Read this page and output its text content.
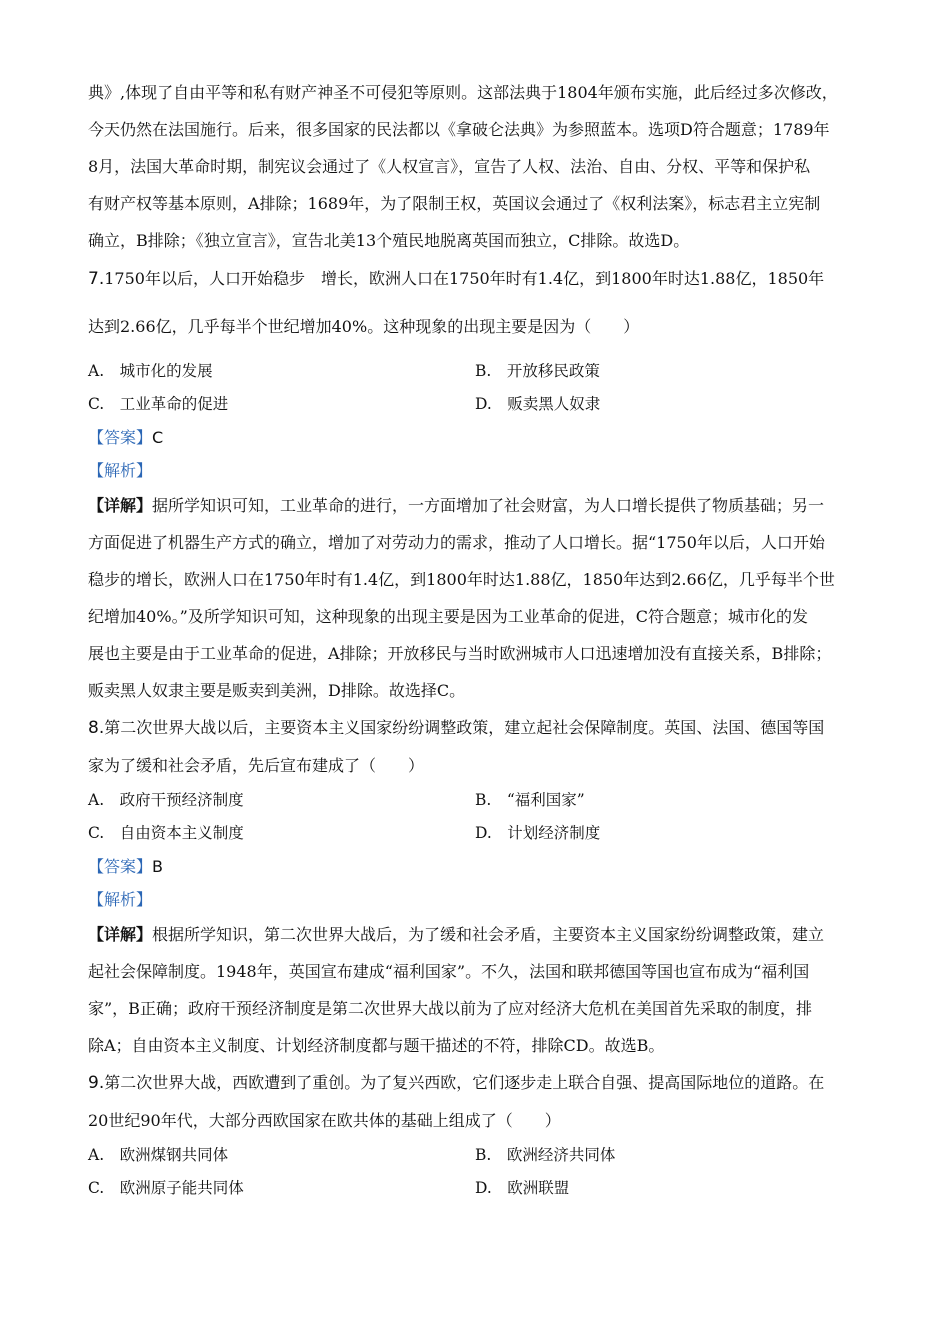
典》,体现了自由平等和私有财产神圣不可侵犯等原则。这部法典于1804年颁布实施，此后经过多次修改，

今天仍然在法国施行。后来，很多国家的民法都以《拿破仑法典》为参照蓝本。选项D符合题意；1789年

8月，法国大革命时期，制宪议会通过了《人权宣言》，宣告了人权、法治、自由、分权、平等和保护私

有财产权等基本原则，A排除；1689年，为了限制王权，英国议会通过了《权利法案》，标志君主立宪制

确立，B排除；《独立宣言》，宣告北美13个殖民地脱离英国而独立，C排除。故选D。

7.1750年以后，人口开始稳步　增长，欧洲人口在1750年时有1.4亿，到1800年时达1.88亿，1850年

达到2.66亿，几乎每半个世纪增加40%。这种现象的出现主要是因为（　　）

A.　城市化的发展	B.　开放移民政策
C.　工业革命的促进	D.　贩卖黑人奴隶

【答案】C

【解析】

【详解】据所学知识可知，工业革命的进行，一方面增加了社会财富，为人口增长提供了物质基础；另一

方面促进了机器生产方式的确立，增加了对劳动力的需求，推动了人口增长。据“1750年以后，人口开始

稳步的增长，欧洲人口在1750年时有1.4亿，到1800年时达1.88亿，1850年达到2.66亿，几乎每半个世

纪增加40%。”及所学知识可知，这种现象的出现主要是因为工业革命的促进，C符合题意；城市化的发

展也主要是由于工业革命的促进，A排除；开放移民与当时欧洲城市人口迅速增加没有直接关系，B排除；

贩卖黑人奴隶主要是贩卖到美洲，D排除。故选择C。

8.第二次世界大战以后，主要资本主义国家纷纷调整政策，建立起社会保障制度。英国、法国、德国等国

家为了缓和社会矛盾，先后宣布建成了（　　）

A.　政府干预经济制度	B.　“福利国家”
C.　自由资本主义制度	D.　计划经济制度

【答案】B

【解析】

【详解】根据所学知识，第二次世界大战后，为了缓和社会矛盾，主要资本主义国家纷纷调整政策，建立

起社会保障制度。1948年，英国宣布建成“福利国家”。不久，法国和联邦德国等国也宣布成为“福利国

家”，B正确；政府干预经济制度是第二次世界大战以前为了应对经济大危机在美国首先采取的制度，排

除A；自由资本主义制度、计划经济制度都与题干描述的不符，排除CD。故选B。

9.第二次世界大战，西欧遭到了重创。为了复兴西欧，它们逐步走上联合自强、提高国际地位的道路。在

20世纪90年代，大部分西欧国家在欧共体的基础上组成了（　　）

A.　欧洲煤钢共同体	B.　欧洲经济共同体
C.　欧洲原子能共同体	D.　欧洲联盟
